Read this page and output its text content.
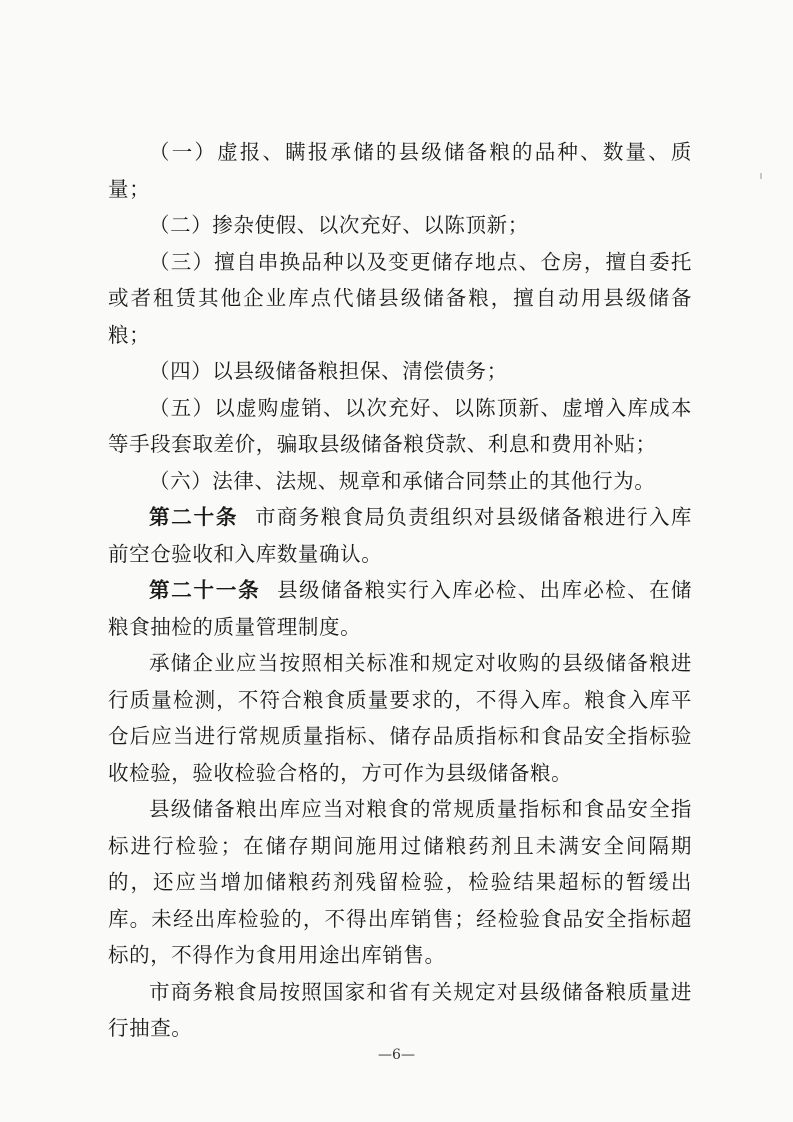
（一）虚报、瞒报承储的县级储备粮的品种、数量、质量；

（二）掺杂使假、以次充好、以陈顶新；

（三）擅自串换品种以及变更储存地点、仓房，擅自委托或者租赁其他企业库点代储县级储备粮，擅自动用县级储备粮；

（四）以县级储备粮担保、清偿债务；

（五）以虚购虚销、以次充好、以陈顶新、虚增入库成本等手段套取差价，骗取县级储备粮贷款、利息和费用补贴；

（六）法律、法规、规章和承储合同禁止的其他行为。

第二十条 市商务粮食局负责组织对县级储备粮进行入库前空仓验收和入库数量确认。

第二十一条 县级储备粮实行入库必检、出库必检、在储粮食抽检的质量管理制度。

承储企业应当按照相关标准和规定对收购的县级储备粮进行质量检测，不符合粮食质量要求的，不得入库。粮食入库平仓后应当进行常规质量指标、储存品质指标和食品安全指标验收检验，验收检验合格的，方可作为县级储备粮。

县级储备粮出库应当对粮食的常规质量指标和食品安全指标进行检验；在储存期间施用过储粮药剂且未满安全间隔期的，还应当增加储粮药剂残留检验，检验结果超标的暂缓出库。未经出库检验的，不得出库销售；经检验食品安全指标超标的，不得作为食用用途出库销售。

市商务粮食局按照国家和省有关规定对县级储备粮质量进行抽查。

—6—
